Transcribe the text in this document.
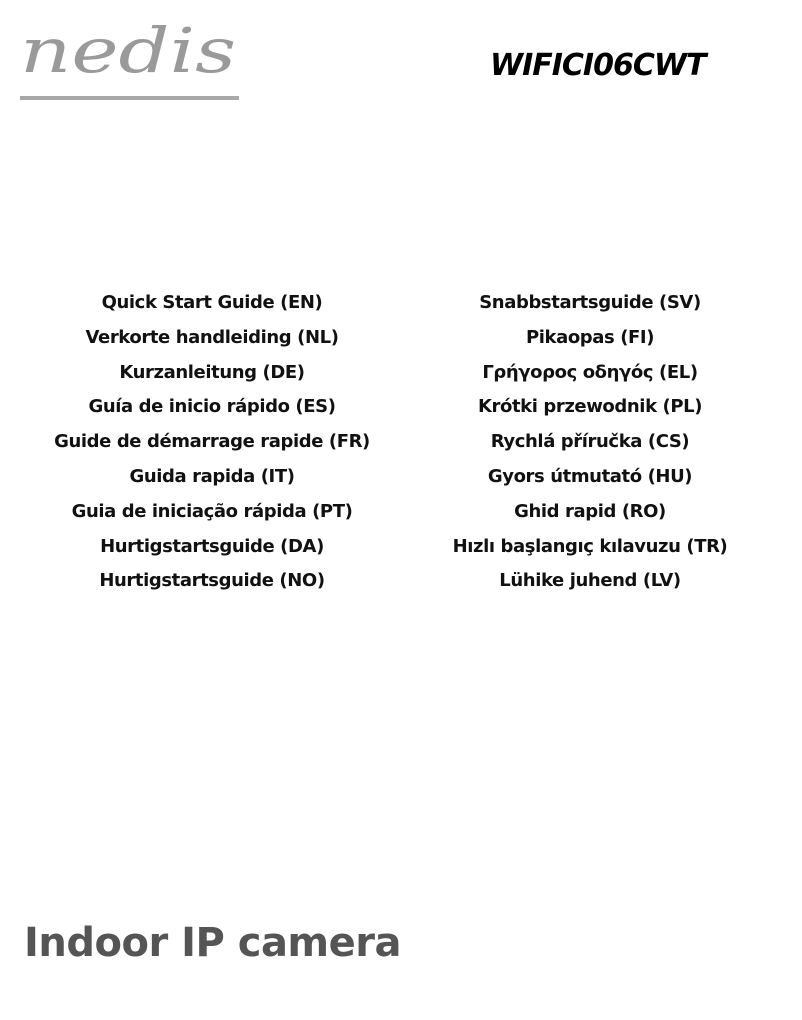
nedis	WIFICI06CWT
Quick Start Guide (EN)
Verkorte handleiding (NL)
Kurzanleitung (DE)
Guía de inicio rápido (ES)
Guide de démarrage rapide (FR)
Guida rapida (IT)
Guia de iniciação rápida (PT)
Hurtigstartsguide (DA)
Hurtigstartsguide (NO)
Snabbstartsguide (SV)
Pikaopas (FI)
Γρήγορος οδηγός (EL)
Krótki przewodnik (PL)
Rychlá příručka (CS)
Gyors útmutató (HU)
Ghid rapid (RO)
Hızlı başlangıç kılavuzu (TR)
Lühike juhend (LV)
Indoor IP camera
